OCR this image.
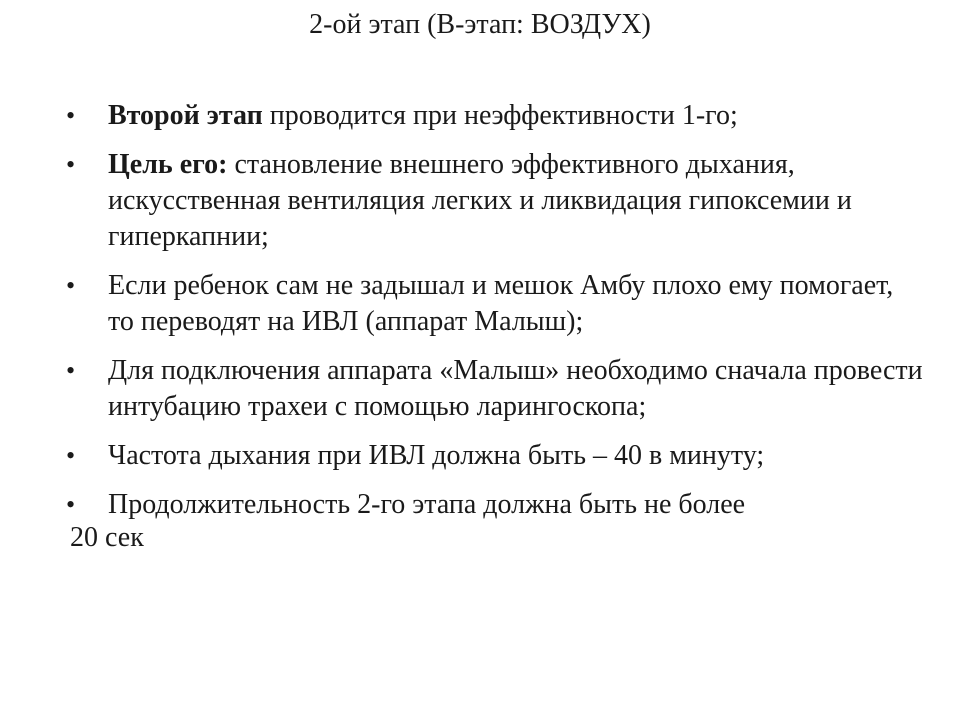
2-ой этап (В-этап: ВОЗДУХ)
•	Второй этап проводится при неэффективности 1-го;
•	Цель его: становление внешнего эффективного дыхания, искусственная вентиляция легких и ликвидация гипоксемии и гиперкапнии;
•	Если ребенок сам не задышал и мешок Амбу плохо ему помогает, то переводят на ИВЛ (аппарат Малыш);
•	Для подключения аппарата «Малыш» необходимо сначала провести интубацию трахеи с помощью ларингоскопа;
•	Частота дыхания при ИВЛ должна быть – 40 в минуту;
•	Продолжительность 2-го этапа должна быть не более
20 сек
